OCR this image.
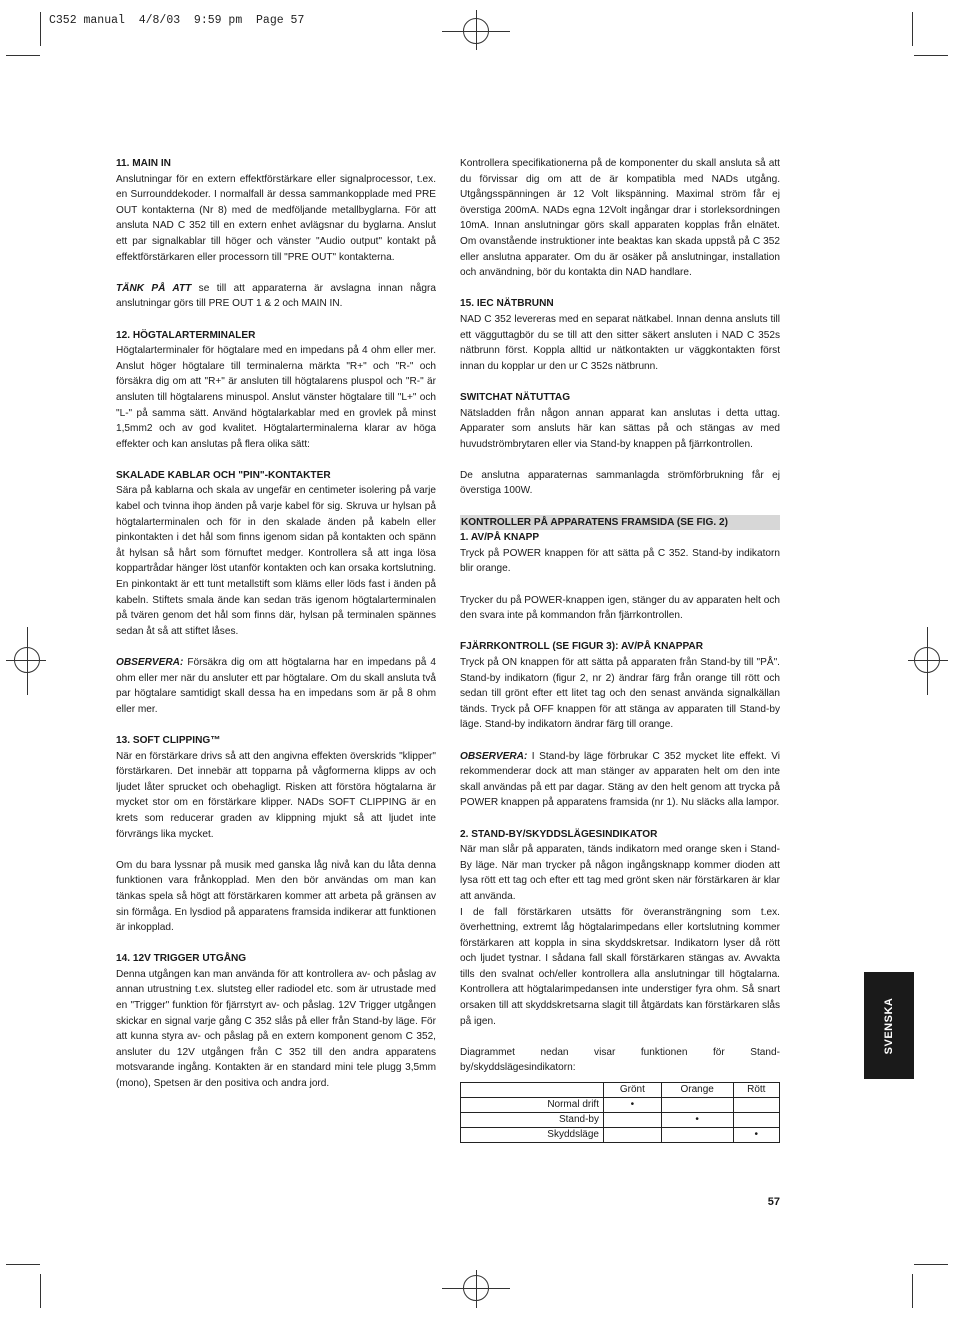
C352 manual  4/8/03  9:59 pm  Page 57
11. MAIN IN

Anslutningar för en extern effektförstärkare eller signalprocessor, t.ex. en Surrounddekoder. I normalfall är dessa sammankopplade med PRE OUT kontakterna (Nr 8) med de medföljande metallbyglarna. För att ansluta NAD C 352 till en extern enhet avlägsnar du byglarna. Anslut ett par signalkablar till höger och vänster "Audio output" kontakt på effektförstärkaren eller processorn till "PRE OUT" kontakterna.

TÄNK PÅ ATT se till att apparaterna är avslagna innan några anslutningar görs till PRE OUT 1 & 2 och MAIN IN.

12. HÖGTALARTERMINALER

Högtalarterminaler för högtalare med en impedans på 4 ohm eller mer. Anslut höger högtalare till terminalerna märkta "R+" och "R-" och försäkra dig om att "R+" är ansluten till högtalarens pluspol och "R-" är ansluten till högtalarens minuspol. Anslut vänster högtalare till "L+" och "L-" på samma sätt. Använd högtalarkablar med en grovlek på minst 1,5mm2 och av god kvalitet. Högtalarterminalerna klarar av höga effekter och kan anslutas på flera olika sätt:

SKALADE KABLAR OCH "PIN"-KONTAKTER

Sära på kablarna och skala av ungefär en centimeter isolering på varje kabel och tvinna ihop änden på varje kabel för sig. Skruva ur hylsan på högtalarterminalen och för in den skalade änden på kabeln eller pinkontakten i det hål som finns igenom sidan på kontakten och spänn åt hylsan så hårt som förnuftet medger. Kontrollera så att inga lösa koppartrådar hänger löst utanför kontakten och kan orsaka kortslutning. En pinkontakt är ett tunt metallstift som kläms eller löds fast i änden på kabeln. Stiftets smala ände kan sedan träs igenom högtalarterminalen på tvären genom det hål som finns där, hylsan på terminalen spännes sedan åt så att stiftet låses.

OBSERVERA: Försäkra dig om att högtalarna har en impedans på 4 ohm eller mer när du ansluter ett par högtalare. Om du skall ansluta två par högtalare samtidigt skall dessa ha en impedans som är på 8 ohm eller mer.

13. SOFT CLIPPING™

När en förstärkare drivs så att den angivna effekten överskrids "klipper" förstärkaren. Det innebär att topparna på vågformerna klipps av och ljudet låter sprucket och obehagligt. Risken att förstöra högtalarna är mycket stor om en förstärkare klipper. NADs SOFT CLIPPING är en krets som reducerar graden av klippning mjukt så att ljudet inte förvrängs lika mycket.

Om du bara lyssnar på musik med ganska låg nivå kan du låta denna funktionen vara frånkopplad. Men den bör användas om man kan tänkas spela så högt att förstärkaren kommer att arbeta på gränsen av sin förmåga. En lysdiod på apparatens framsida indikerar att funktionen är inkopplad.

14. 12V TRIGGER UTGÅNG

Denna utgången kan man använda för att kontrollera av- och påslag av annan utrustning t.ex. slutsteg eller radiodel etc. som är utrustade med en "Trigger" funktion för fjärrstyrt av- och påslag. 12V Trigger utgången skickar en signal varje gång C 352 slås på eller från Stand-by läge. För att kunna styra av- och påslag på en extern komponent genom C 352, ansluter du 12V utgången från C 352 till den andra apparatens motsvarande ingång. Kontakten är en standard mini tele plugg 3,5mm (mono), Spetsen är den positiva och andra jord.

Kontrollera specifikationerna på de komponenter du skall ansluta så att du förvissar dig om att de är kompatibla med NADs utgång. Utgångsspänningen är 12 Volt likspänning. Maximal ström får ej överstiga 200mA. NADs egna 12Volt ingångar drar i storleksordningen 10mA. Innan anslutningar görs skall apparaten kopplas från elnätet. Om ovanstående instruktioner inte beaktas kan skada uppstå på C 352 eller anslutna apparater. Om du är osäker på anslutningar, installation och användning, bör du kontakta din NAD handlare.

15. IEC NÄTBRUNN

NAD C 352 levereras med en separat nätkabel. Innan denna ansluts till ett vägguttagbör du se till att den sitter säkert ansluten i NAD C 352s nätbrunn först. Koppla alltid ur nätkontakten ur väggkontakten först innan du kopplar ur den ur C 352s nätbrunn.

SWITCHAT NÄTUTTAG

Nätsladden från någon annan apparat kan anslutas i detta uttag. Apparater som ansluts här kan sättas på och stängas av med huvudströmbrytaren eller via Stand-by knappen på fjärrkontrollen.

De anslutna apparaternas sammanlagda strömförbrukning får ej överstiga 100W.

KONTROLLER PÅ APPARATENS FRAMSIDA (SE FIG. 2)
1. AV/PÅ KNAPP

Tryck på POWER knappen för att sätta på C 352. Stand-by indikatorn blir orange.

Trycker du på POWER-knappen igen, stänger du av apparaten helt och den svara inte på kommandon från fjärrkontrollen.

FJÄRRKONTROLL (SE FIGUR 3): AV/PÅ KNAPPAR

Tryck på ON knappen för att sätta på apparaten från Stand-by till "PÅ". Stand-by indikatorn (figur 2, nr 2) ändrar färg från orange till rött och sedan till grönt efter ett litet tag och den senast använda signalkällan tänds. Tryck på OFF knappen för att stänga av apparaten till Stand-by läge. Stand-by indikatorn ändrar färg till orange.

OBSERVERA: I Stand-by läge förbrukar C 352 mycket lite effekt. Vi rekommenderar dock att man stänger av apparaten helt om den inte skall användas på ett par dagar. Stäng av den helt genom att trycka på POWER knappen på apparatens framsida (nr 1). Nu släcks alla lampor.

2. STAND-BY/SKYDDSLÄGESINDIKATOR

När man slår på apparaten, tänds indikatorn med orange sken i Stand-By läge. När man trycker på någon ingångsknapp kommer dioden att lysa rött ett tag och efter ett tag med grönt sken när förstärkaren är klar att använda.

I de fall förstärkaren utsätts för överansträngning som t.ex. överhettning, extremt låg högtalarimpedans eller kortslutning kommer förstärkaren att koppla in sina skyddskretsar. Indikatorn lyser då rött och ljudet tystnar. I sådana fall skall förstärkaren stängas av. Avvakta tills den svalnat och/eller kontrollera alla anslutningar till högtalarna. Kontrollera att högtalarimpedansen inte understiger fyra ohm. Så snart orsaken till att skyddskretsarna slagit till åtgärdats kan förstärkaren slås på igen.

Diagrammet nedan visar funktionen för Stand-by/skyddslägesindikatorn:

	Grönt	Orange	Rött
Normal drift	•		
Stand-by		•	
Skyddsläge			•
SVENSKA
57
